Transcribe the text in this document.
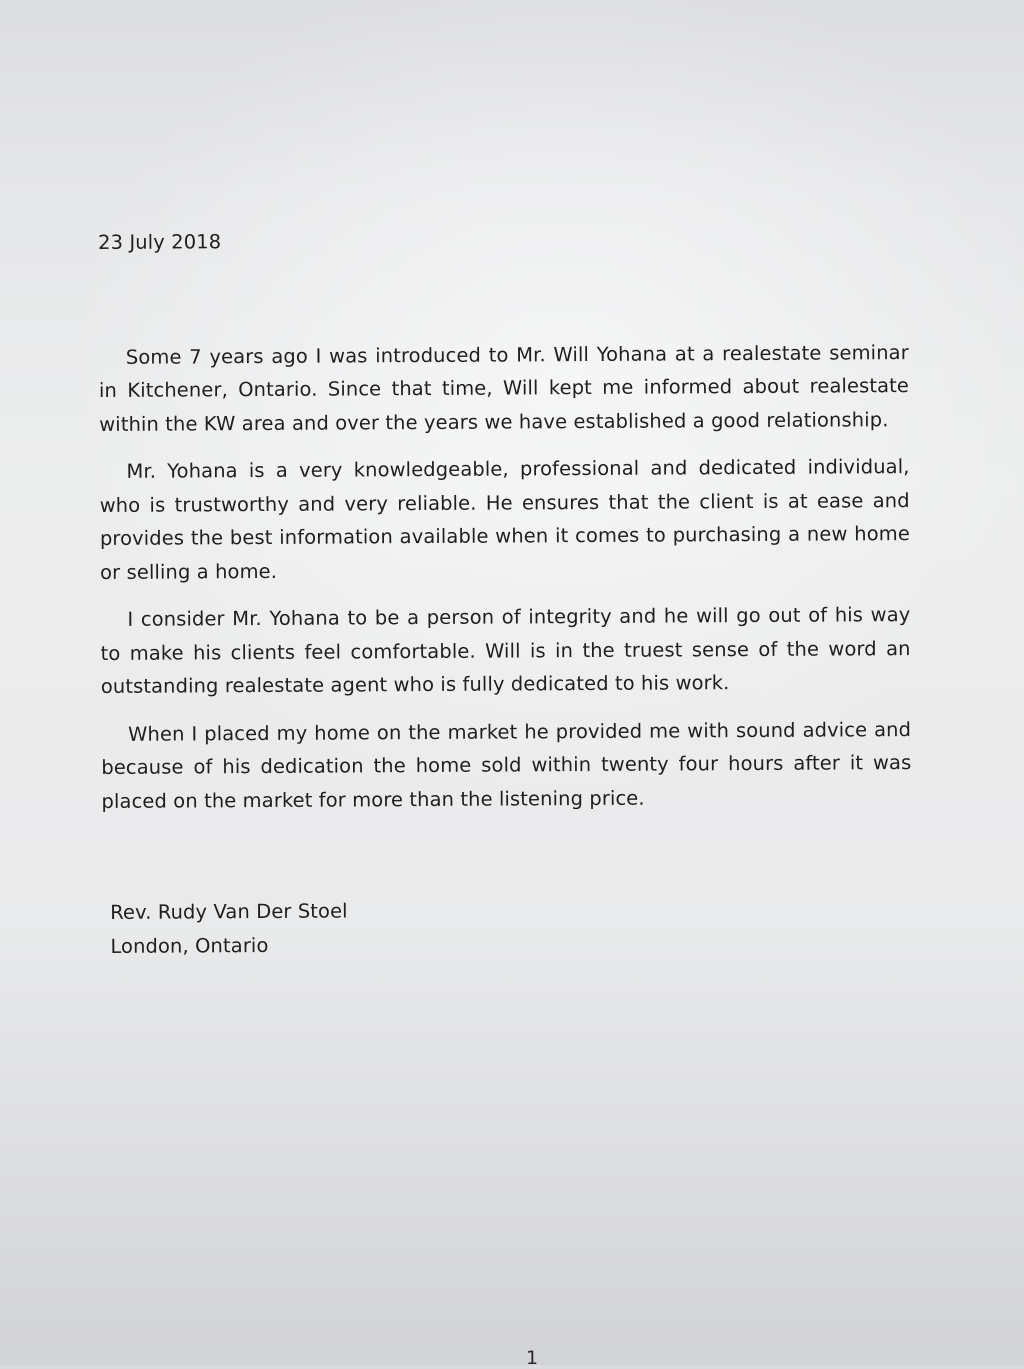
23 July 2018

Some 7 years ago I was introduced to Mr. Will Yohana at a realestate seminar in Kitchener, Ontario. Since that time, Will kept me informed about realestate within the KW area and over the years we have established a good relationship.

Mr. Yohana is a very knowledgeable, professional and dedicated individual, who is trustworthy and very reliable. He ensures that the client is at ease and provides the best information available when it comes to purchasing a new home or selling a home.

I consider Mr. Yohana to be a person of integrity and he will go out of his way to make his clients feel comfortable. Will is in the truest sense of the word an outstanding realestate agent who is fully dedicated to his work.

When I placed my home on the market he provided me with sound advice and because of his dedication the home sold within twenty four hours after it was placed on the market for more than the listening price.

Rev. Rudy Van Der Stoel
London, Ontario
1
